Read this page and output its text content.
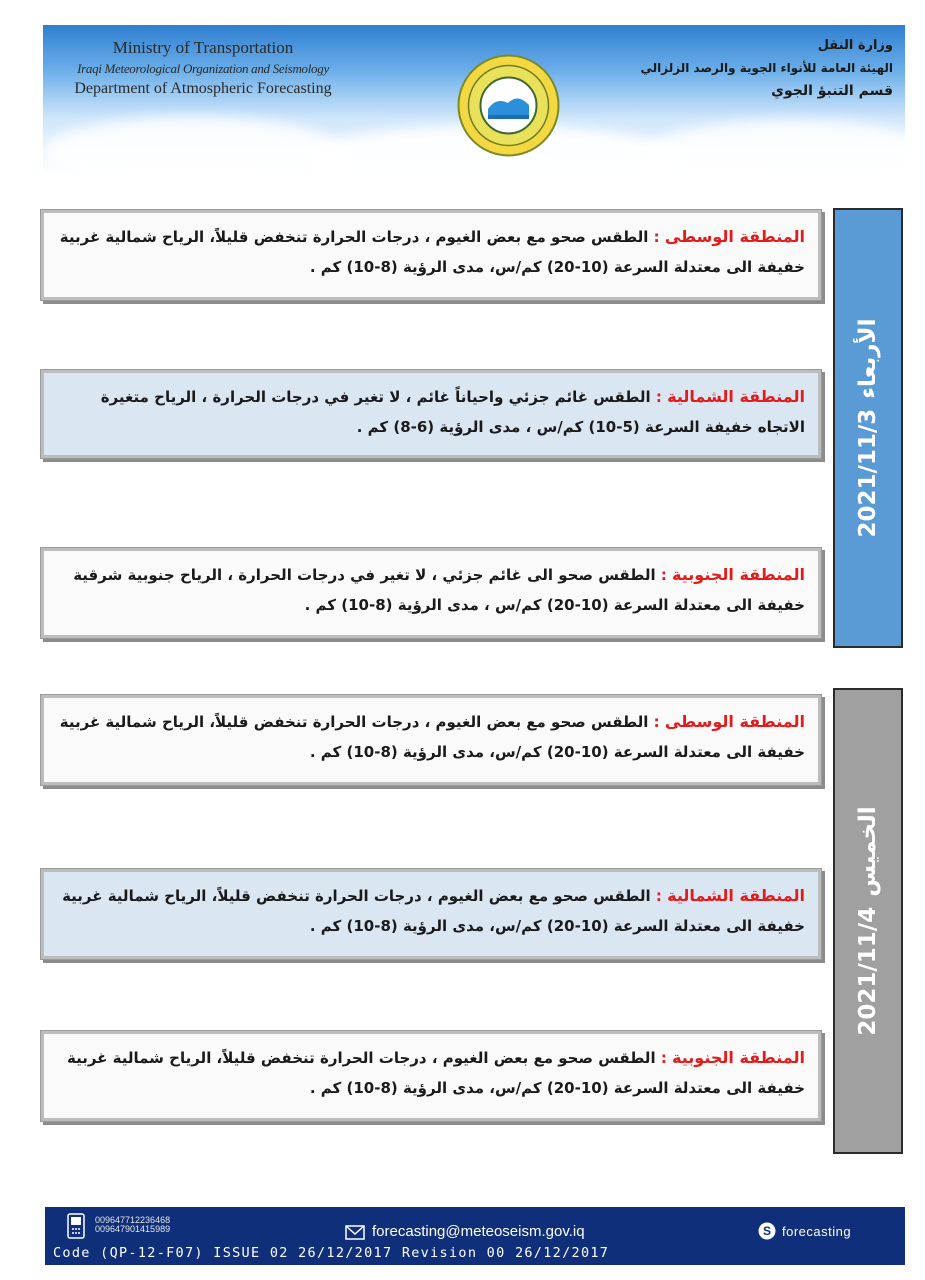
Ministry of Transportation
Iraqi Meteorological Organization and Seismology
Department of Atmospheric Forecasting
وزارة النقل
الهيئة العامة للأنواء الجوية والرصد الزلزالي
قسم التنبؤ الجوي
2021/11/3
الأربعاء
2021/11/4
الخميس
المنطقة الوسطى : الطقس صحو مع بعض الغيوم ، درجات الحرارة تنخفض قليلاً، الرياح شمالية غربية خفيفة الى معتدلة السرعة (10-20) كم/س، مدى الرؤية (8-10) كم .
المنطقة الشمالية : الطقس غائم جزئي واحياناً غائم ، لا تغير في درجات الحرارة ، الرياح متغيرة الاتجاه خفيفة السرعة (5-10) كم/س ، مدى الرؤية (6-8) كم .
المنطقة الجنوبية : الطقس صحو الى غائم جزئي ، لا تغير في درجات الحرارة ، الرياح جنوبية شرقية خفيفة الى معتدلة السرعة (10-20) كم/س ، مدى الرؤية (8-10) كم .
المنطقة الوسطى : الطقس صحو مع بعض الغيوم ، درجات الحرارة تنخفض قليلاً، الرياح شمالية غربية خفيفة الى معتدلة السرعة (10-20) كم/س، مدى الرؤية (8-10) كم .
المنطقة الشمالية : الطقس صحو مع بعض الغيوم ، درجات الحرارة تنخفض قليلاً، الرياح شمالية غربية خفيفة الى معتدلة السرعة (10-20) كم/س، مدى الرؤية (8-10) كم .
المنطقة الجنوبية : الطقس صحو مع بعض الغيوم ، درجات الحرارة تنخفض قليلاً، الرياح شمالية غربية خفيفة الى معتدلة السرعة (10-20) كم/س، مدى الرؤية (8-10) كم .
009647712236468
009647901415989	forecasting@meteoseism.gov.iq	S forecasting
Code (QP-12-F07) ISSUE 02 26/12/2017 Revision 00 26/12/2017
